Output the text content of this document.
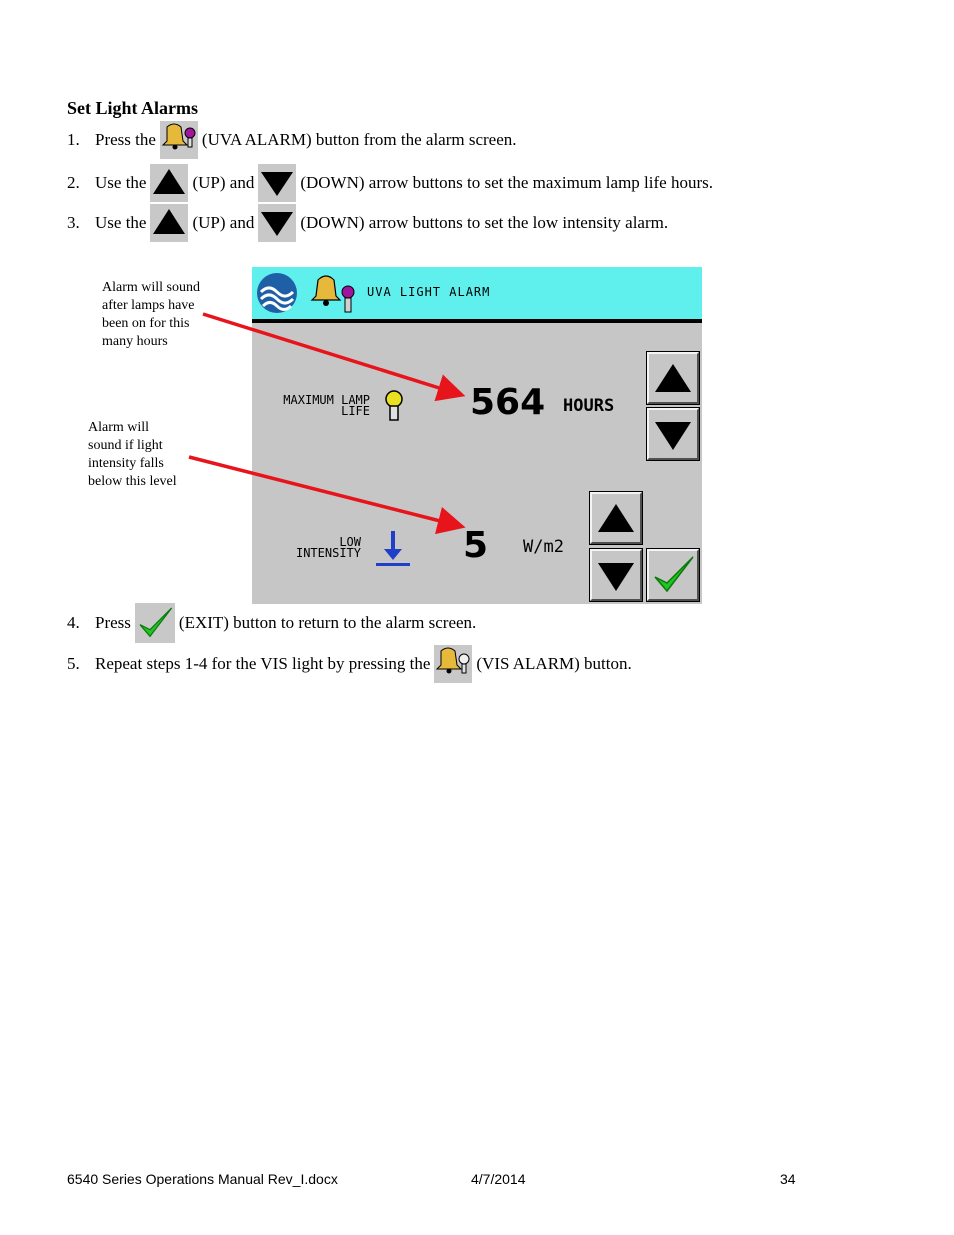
Set Light Alarms
1. Press the	(UVA ALARM) button from the alarm screen.
2. Use the	(UP) and	(DOWN) arrow buttons to set the maximum lamp life hours.
3. Use the	(UP) and	(DOWN) arrow buttons to set the low intensity alarm.
Alarm will sound
after lamps have
been on for this
many hours
Alarm will
sound if light
intensity falls
below this level
UVA LIGHT ALARM
MAXIMUM LAMP
LIFE	564 HOURS
LOW
INTENSITY	5 W/m2
4. Press	(EXIT) button to return to the alarm screen.
5. Repeat steps 1-4 for the VIS light by pressing the	(VIS ALARM) button.
6540 Series Operations Manual Rev_I.docx	4/7/2014	34
